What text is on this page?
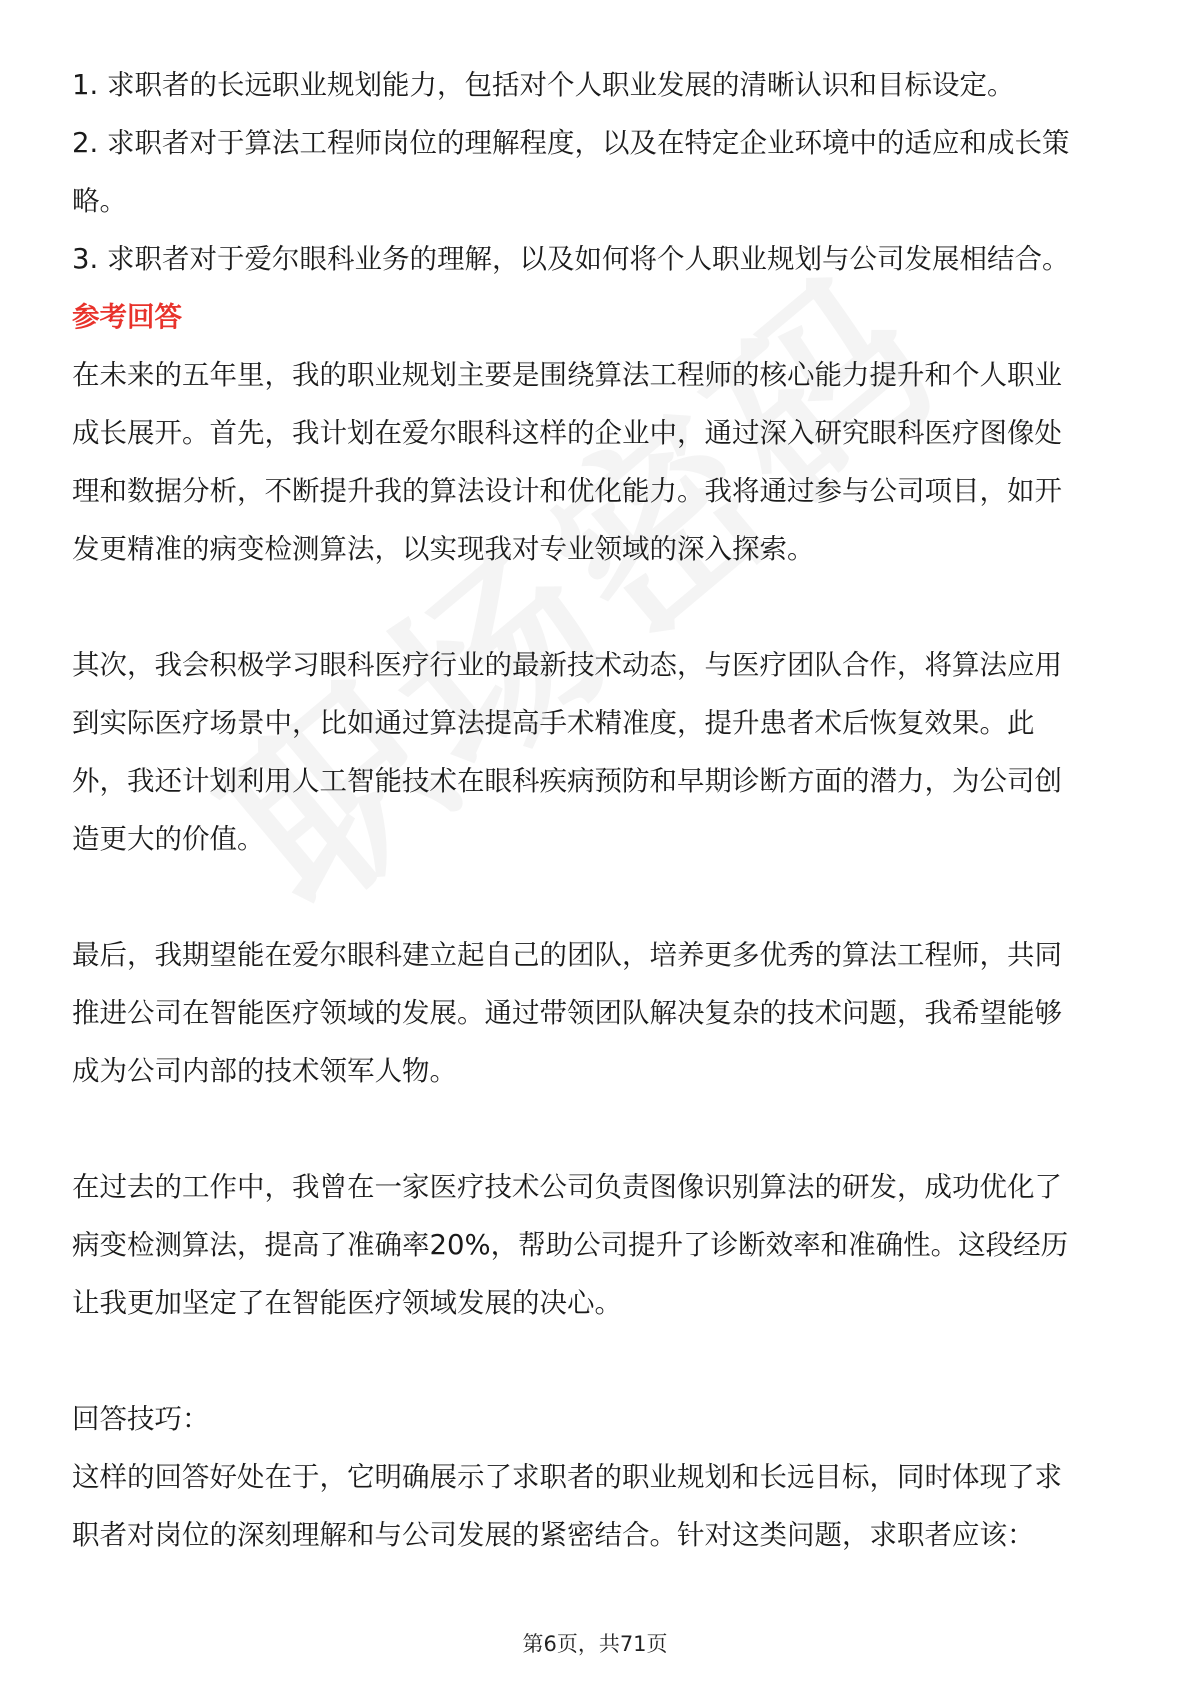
1. 求职者的长远职业规划能力，包括对个人职业发展的清晰认识和目标设定。

2. 求职者对于算法工程师岗位的理解程度，以及在特定企业环境中的适应和成长策

略。

3. 求职者对于爱尔眼科业务的理解，以及如何将个人职业规划与公司发展相结合。

参考回答

在未来的五年里，我的职业规划主要是围绕算法工程师的核心能力提升和个人职业

成长展开。首先，我计划在爱尔眼科这样的企业中，通过深入研究眼科医疗图像处

理和数据分析，不断提升我的算法设计和优化能力。我将通过参与公司项目，如开

发更精准的病变检测算法，以实现我对专业领域的深入探索。

其次，我会积极学习眼科医疗行业的最新技术动态，与医疗团队合作，将算法应用

到实际医疗场景中，比如通过算法提高手术精准度，提升患者术后恢复效果。此

外，我还计划利用人工智能技术在眼科疾病预防和早期诊断方面的潜力，为公司创

造更大的价值。

最后，我期望能在爱尔眼科建立起自己的团队，培养更多优秀的算法工程师，共同

推进公司在智能医疗领域的发展。通过带领团队解决复杂的技术问题，我希望能够

成为公司内部的技术领军人物。

在过去的工作中，我曾在一家医疗技术公司负责图像识别算法的研发，成功优化了

病变检测算法，提高了准确率20%，帮助公司提升了诊断效率和准确性。这段经历

让我更加坚定了在智能医疗领域发展的决心。

回答技巧：

这样的回答好处在于，它明确展示了求职者的职业规划和长远目标，同时体现了求

职者对岗位的深刻理解和与公司发展的紧密结合。针对这类问题，求职者应该：

第6页，共71页
